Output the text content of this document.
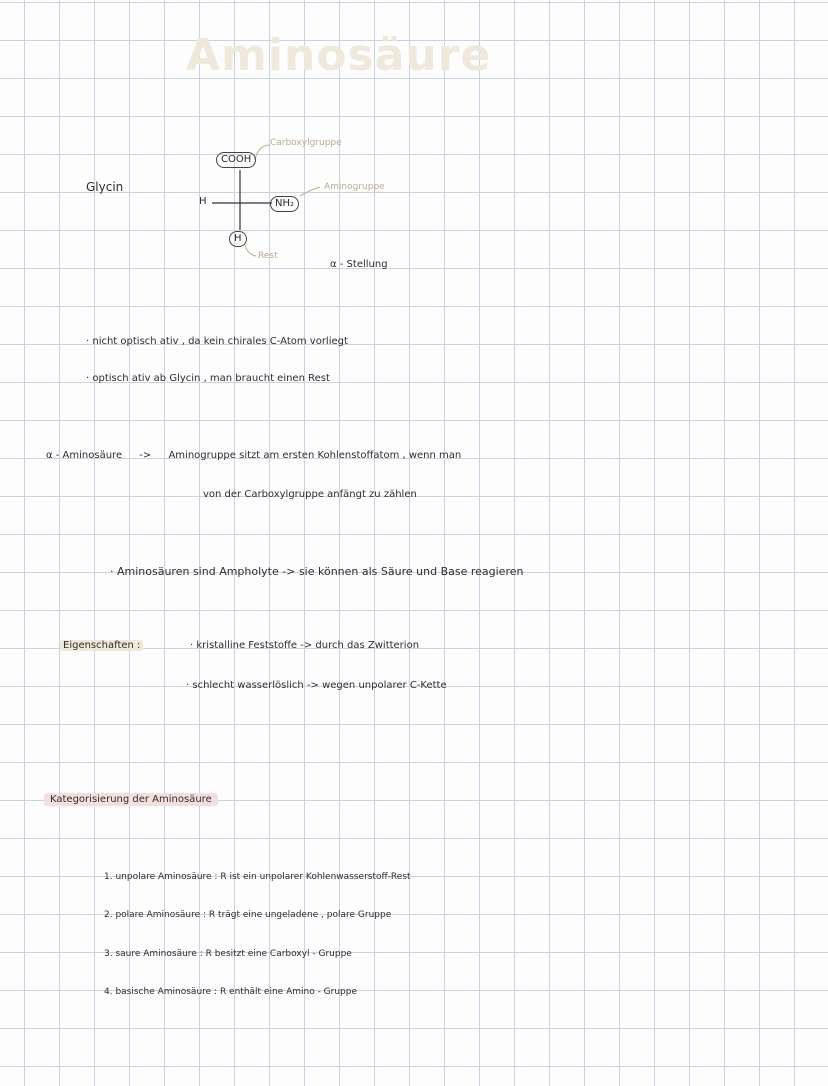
Aminosäure
Glycin
COOH
H	NH₂
H
Carboxylgruppe
Aminogruppe
Rest
α - Stellung
· nicht optisch ativ , da kein chirales C-Atom vorliegt
· optisch ativ ab Glycin , man braucht einen Rest
α - Aminosäure -> Aminogruppe sitzt am ersten Kohlenstoffatom , wenn man
von der Carboxylgruppe anfängt zu zählen
· Aminosäuren sind Ampholyte -> sie können als Säure und Base reagieren
Eigenschaften :	· kristalline Feststoffe -> durch das Zwitterion
· schlecht wasserlöslich -> wegen unpolarer C-Kette
Kategorisierung der Aminosäure
1. unpolare Aminosäure : R ist ein unpolarer Kohlenwasserstoff-Rest
2. polare Aminosäure : R trägt eine ungeladene , polare Gruppe
3. saure Aminosäure : R besitzt eine Carboxyl - Gruppe
4. basische Aminosäure : R enthält eine Amino - Gruppe
